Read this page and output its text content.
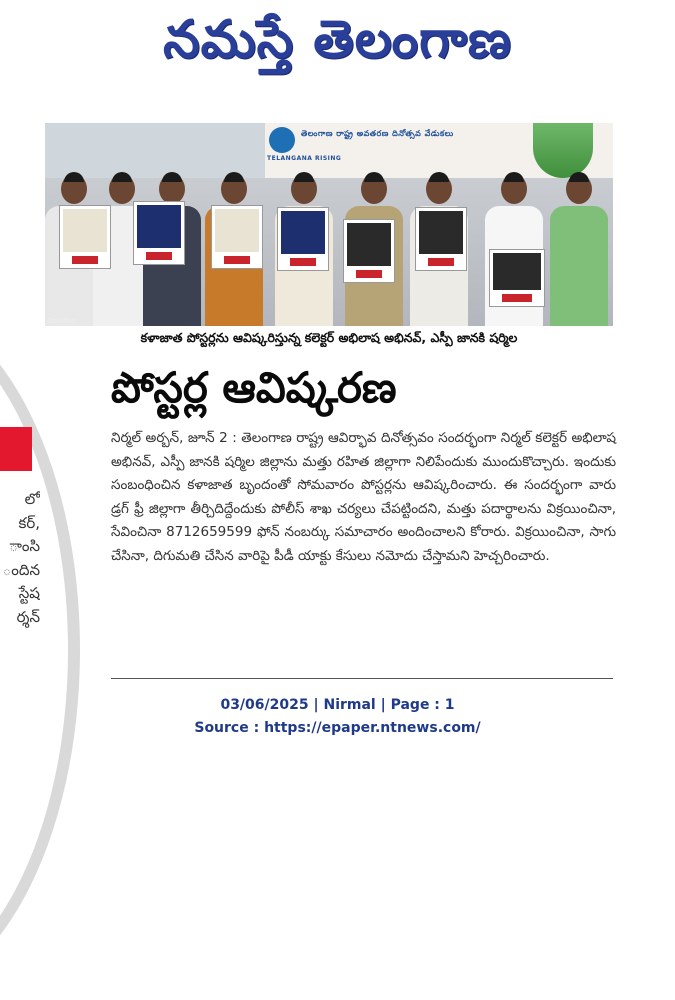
నమస్తే తెలంగాణ
లో
కర్,
ాంసి
ందిన
స్టేష
ర్శన్
TELANGANA RISING
తెలంగాణ రాష్ట్ర అవతరణ దినోత్సవ వేడుకలు
OnePlus
కళాజాత పోస్టర్లను ఆవిష్కరిస్తున్న కలెక్టర్ అభిలాష అభినవ్, ఎస్పీ జానకి షర్మిల
పోస్టర్ల ఆవిష్కరణ
నిర్మల్ అర్బన్, జూన్ 2 : తెలంగాణ రాష్ట్ర ఆవిర్భావ దినోత్సవం సందర్భంగా నిర్మల్ కలెక్టర్ అభిలాష అభినవ్, ఎస్పీ జానకి షర్మిల జిల్లాను మత్తు రహిత జిల్లాగా నిలిపేందుకు ముందుకొచ్చారు. ఇందుకు సంబంధించిన కళాజాత బృందంతో సోమవారం పోస్టర్లను ఆవిష్కరించారు. ఈ సందర్భంగా వారు డ్రగ్ ఫ్రీ జిల్లాగా తీర్చిదిద్దేందుకు పోలీస్ శాఖ చర్యలు చేపట్టిందని, మత్తు పదార్థాలను విక్రయించినా, సేవించినా 8712659599 ఫోన్ నంబర్కు సమాచారం అందించాలని కోరారు. విక్రయించినా, సాగు చేసినా, దిగుమతి చేసిన వారిపై పీడీ యాక్టు కేసులు నమోదు చేస్తామని హెచ్చరించారు.
03/06/2025 | Nirmal | Page : 1
Source : https://epaper.ntnews.com/
